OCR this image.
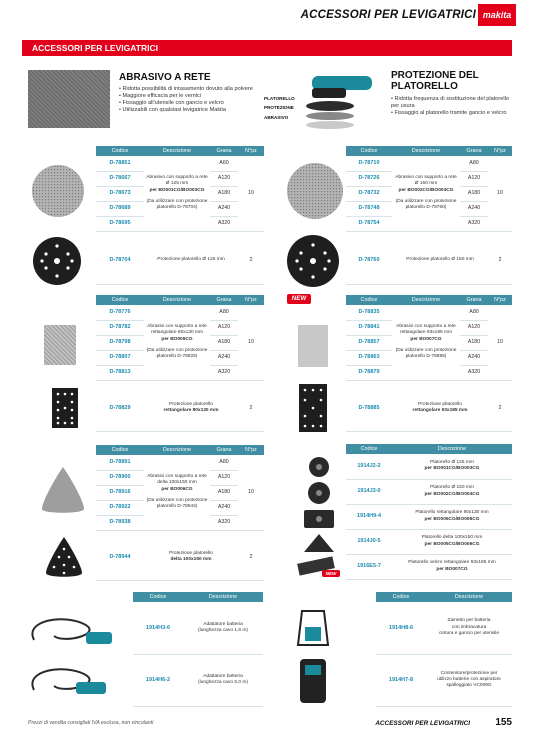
ACCESSORI PER LEVIGATRICI makita
ACCESSORI PER LEVIGATRICI
ABRASIVO A RETE
• Ridotta possibilità di intasamento dovuto alla polvere
• Maggiore efficacia per le vernici
• Fissaggio all'utensile con gancio e velcro
• Utilizzabili con qualsiasi levigatrice Makita
PLATORELLO
PROTEZIONE
ABRASIVO
PROTEZIONE DEL
PLATORELLO
• Ridotta frequenza di sostituzione del platorello per usura
• Fissaggio al platorello tramite gancio e velcro
Codice	Descrizione	Grana	N°pz
D-78851	Abrasivo con supporto a rete Ø 125 mm
per BO001CG/BO003CG
(Da utilizzare con protezione platorello D-78704)	A60	10
D-78667		A120	
D-78673		A180	
D-78689		A240	
D-78695		A320	
D-78704	Protezione platorello Ø 125 mm	2
Codice	Descrizione	Grana	N°pz
D-78710	Abrasivo con supporto a rete Ø 150 mm
per BO002CG/BO004CG
(Da utilizzare con protezione platorello D-78760)	A80	10
D-78726		A120	
D-78732		A180	
D-78748		A240	
D-78754		A320	
D-78760	Protezione platorello Ø 150 mm	2
Codice	Descrizione	Grana	N°pz
D-78776	Abrasivi con supporto a rete rettangolare 80x130 mm
per BO005CG
(Da utilizzare con protezione platorello D-78829)	A80	10
D-78782		A120	
D-78798		A180	
D-78807		A240	
D-78813		A320	
D-78829	
Protezione platorello
rettangolare 80x130 mm	2
NEW	Codice	Descrizione	Grana	N°pz
D-78835	Abrasivi con supporto a rete rettangolare 93x185 mm
per BO007CG
(Da utilizzare con protezione platorello D-78885)	A80	10
D-78841		A120	
D-78857		A180	
D-78863		A240	
D-78879		A320	
D-78885	
Protezione platorello
rettangolare 93x185 mm	2
Codice	Descrizione	Grana	N°pz
D-78891	Abrasivi con supporto a rete delta 100x150 mm
per BO006CG
(Da utilizzare con protezione platorello D-78944)	A80	10
D-78900		A120	
D-78916		A180	
D-78922		A240	
D-78938		A320	
D-78944	
Protezione platorello
delta 100x150 mm	2
NEW
Codice	Descrizione
1914J2-2	Platorello Ø 125 mm
per BO001CG/BO003CG

1914J3-0	Platorello Ø 150 mm
per BO002CG/BO004CG

1914H9-4	Platorello rettangolare 80x130 mm
per BO005CG/BO006CG

1914J0-5	Platorello delta 100x150 mm
per BO005CG/BO006CG

1916E5-7	Platorello velcro rettangolare 93x185 mm
per BO007CG
Codice	Descrizione
1914H3-6	Adattatore batteria
(lunghezza cavo 1,6 m)

1914H6-2	Adattatore batteria
(lunghezza cavo 5,0 m)
Codice	Descrizione
1914H8-6	Zainetto per batteria
con imbracatura
cintura e gancio per utensile

1914H7-8	Contenitore/protezione per
utilizzo batterie con aspiratore
spalleggiato VC009G
Prezzi di vendita consigliati IVA esclusa, non vincolanti	ACCESSORI PER LEVIGATRICI	155
